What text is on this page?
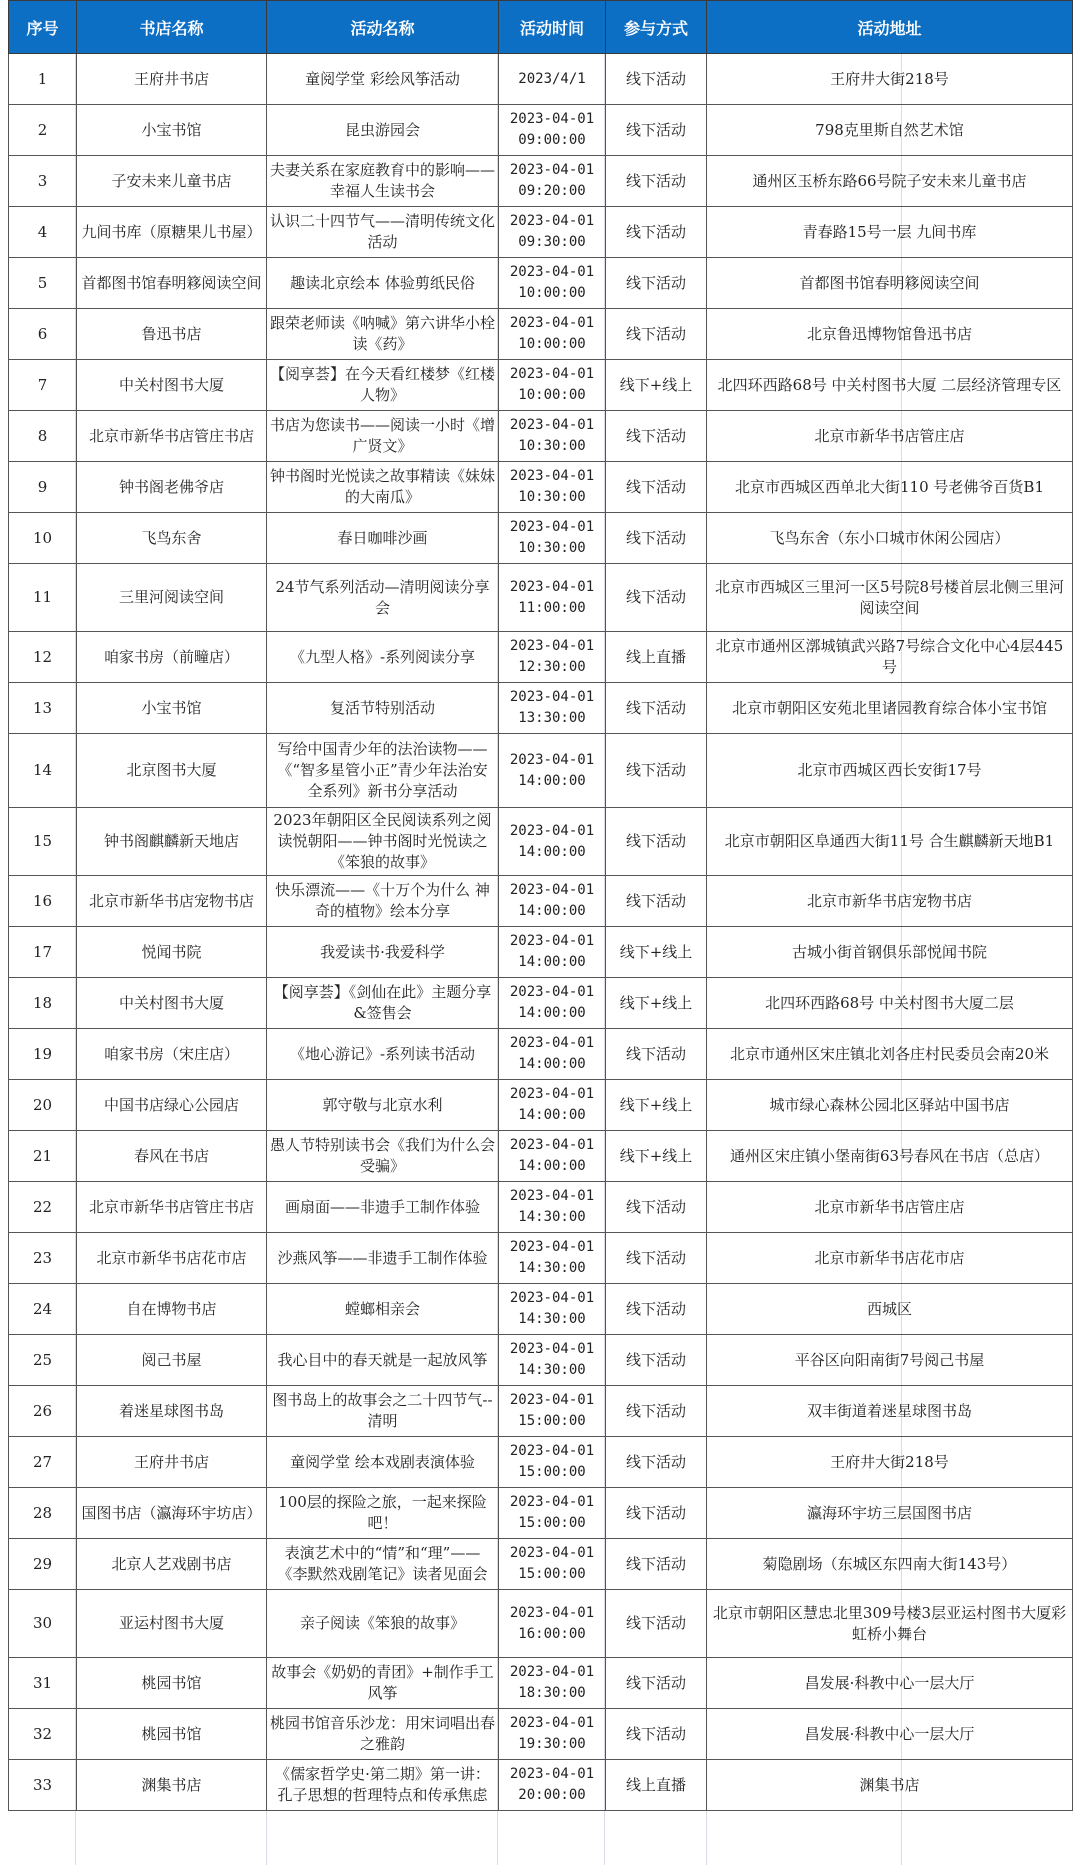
序号	书店名称	活动名称	活动时间	参与方式	活动地址
1	王府井书店	童阅学堂 彩绘风筝活动	2023/4/1	线下活动	王府井大街218号
2	小宝书馆	昆虫游园会	2023-04-01 09:00:00	线下活动	798克里斯自然艺术馆
3	子安未来儿童书店	夫妻关系在家庭教育中的影响——幸福人生读书会	2023-04-01 09:20:00	线下活动	通州区玉桥东路66号院子安未来儿童书店
4	九间书库（原糖果儿书屋）	认识二十四节气——清明传统文化活动	2023-04-01 09:30:00	线下活动	青春路15号一层 九间书库
5	首都图书馆春明簃阅读空间	趣读北京绘本 体验剪纸民俗	2023-04-01 10:00:00	线下活动	首都图书馆春明簃阅读空间
6	鲁迅书店	跟荣老师读《呐喊》第六讲华小栓读《药》	2023-04-01 10:00:00	线下活动	北京鲁迅博物馆鲁迅书店
7	中关村图书大厦	【阅享荟】在今天看红楼梦《红楼人物》	2023-04-01 10:00:00	线下+线上	北四环西路68号 中关村图书大厦 二层经济管理专区
8	北京市新华书店管庄书店	书店为您读书——阅读一小时《增广贤文》	2023-04-01 10:30:00	线下活动	北京市新华书店管庄店
9	钟书阁老佛爷店	钟书阁时光悦读之故事精读《妹妹的大南瓜》	2023-04-01 10:30:00	线下活动	北京市西城区西单北大街110 号老佛爷百货B1
10	飞鸟东舍	春日咖啡沙画	2023-04-01 10:30:00	线下活动	飞鸟东舍（东小口城市休闲公园店）
11	三里河阅读空间	24节气系列活动—清明阅读分享会	2023-04-01 11:00:00	线下活动	北京市西城区三里河一区5号院8号楼首层北侧三里河阅读空间
12	咱家书房（前疃店）	《九型人格》-系列阅读分享	2023-04-01 12:30:00	线上直播	北京市通州区漷城镇武兴路7号综合文化中心4层445号
13	小宝书馆	复活节特别活动	2023-04-01 13:30:00	线下活动	北京市朝阳区安苑北里诸园教育综合体小宝书馆
14	北京图书大厦	写给中国青少年的法治读物——《“智多星管小正”青少年法治安全系列》新书分享活动	2023-04-01 14:00:00	线下活动	北京市西城区西长安街17号
15	钟书阁麒麟新天地店	2023年朝阳区全民阅读系列之阅读悦朝阳——钟书阁时光悦读之《笨狼的故事》	2023-04-01 14:00:00	线下活动	北京市朝阳区阜通西大街11号 合生麒麟新天地B1
16	北京市新华书店宠物书店	快乐漂流——《十万个为什么 神奇的植物》绘本分享	2023-04-01 14:00:00	线下活动	北京市新华书店宠物书店
17	悦闻书院	我爱读书·我爱科学	2023-04-01 14:00:00	线下+线上	古城小街首钢俱乐部悦闻书院
18	中关村图书大厦	【阅享荟】《剑仙在此》主题分享&签售会	2023-04-01 14:00:00	线下+线上	北四环西路68号 中关村图书大厦二层
19	咱家书房（宋庄店）	《地心游记》-系列读书活动	2023-04-01 14:00:00	线下活动	北京市通州区宋庄镇北刘各庄村民委员会南20米
20	中国书店绿心公园店	郭守敬与北京水利	2023-04-01 14:00:00	线下+线上	城市绿心森林公园北区驿站中国书店
21	春风在书店	愚人节特别读书会《我们为什么会受骗》	2023-04-01 14:00:00	线下+线上	通州区宋庄镇小堡南街63号春风在书店（总店）
22	北京市新华书店管庄书店	画扇面——非遗手工制作体验	2023-04-01 14:30:00	线下活动	北京市新华书店管庄店
23	北京市新华书店花市店	沙燕风筝——非遗手工制作体验	2023-04-01 14:30:00	线下活动	北京市新华书店花市店
24	自在博物书店	螳螂相亲会	2023-04-01 14:30:00	线下活动	西城区
25	阅己书屋	我心目中的春天就是一起放风筝	2023-04-01 14:30:00	线下活动	平谷区向阳南街7号阅己书屋
26	着迷星球图书岛	图书岛上的故事会之二十四节气--清明	2023-04-01 15:00:00	线下活动	双丰街道着迷星球图书岛
27	王府井书店	童阅学堂 绘本戏剧表演体验	2023-04-01 15:00:00	线下活动	王府井大街218号
28	国图书店（瀛海环宇坊店）	100层的探险之旅，一起来探险吧！	2023-04-01 15:00:00	线下活动	瀛海环宇坊三层国图书店
29	北京人艺戏剧书店	表演艺术中的“情”和“理”——《李默然戏剧笔记》读者见面会	2023-04-01 15:00:00	线下活动	菊隐剧场（东城区东四南大街143号）
30	亚运村图书大厦	亲子阅读《笨狼的故事》	2023-04-01 16:00:00	线下活动	北京市朝阳区慧忠北里309号楼3层亚运村图书大厦彩虹桥小舞台
31	桃园书馆	故事会《奶奶的青团》+制作手工风筝	2023-04-01 18:30:00	线下活动	昌发展·科教中心一层大厅
32	桃园书馆	桃园书馆音乐沙龙：用宋词唱出春之雅韵	2023-04-01 19:30:00	线下活动	昌发展·科教中心一层大厅
33	渊集书店	《儒家哲学史·第二期》第一讲：孔子思想的哲理特点和传承焦虑	2023-04-01 20:00:00	线上直播	渊集书店
